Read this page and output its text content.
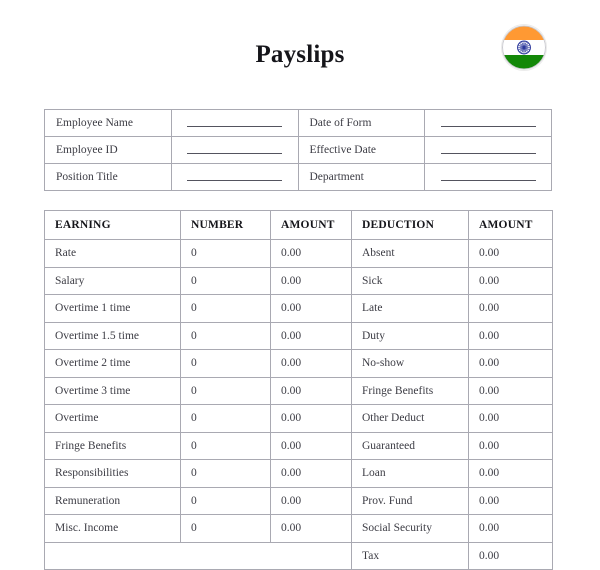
Payslips
Employee Name		Date of Form	
Employee ID		Effective Date	
Position Title		Department	
EARNING	NUMBER	AMOUNT	DEDUCTION	AMOUNT
Rate	0	0.00	Absent	0.00
Salary	0	0.00	Sick	0.00
Overtime 1 time	0	0.00	Late	0.00
Overtime 1.5 time	0	0.00	Duty	0.00
Overtime 2 time	0	0.00	No-show	0.00
Overtime 3 time	0	0.00	Fringe Benefits	0.00
Overtime	0	0.00	Other Deduct	0.00
Fringe Benefits	0	0.00	Guaranteed	0.00
Responsibilities	0	0.00	Loan	0.00
Remuneration	0	0.00	Prov. Fund	0.00
Misc. Income	0	0.00	Social Security	0.00
			Tax	0.00
